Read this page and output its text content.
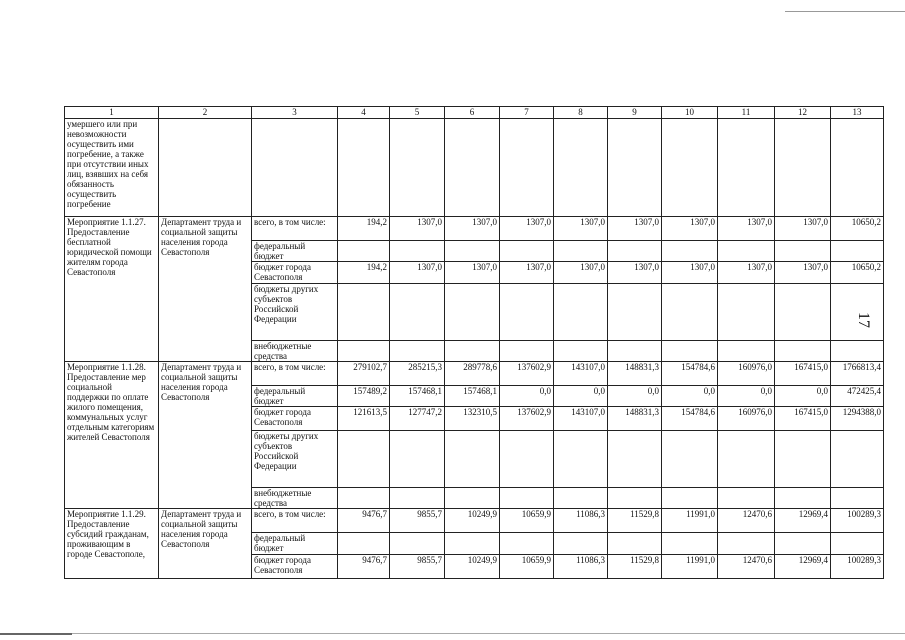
17
1	2	3	4	5	6	7	8	9	10	11	12	13
умершего или при невозможности осуществить ими погребение, а также при отсутствии иных лиц, взявших на себя обязанность осуществить погребение												
Мероприятие 1.1.27. Предоставление бесплатной юридической помощи жителям города Севастополя	Департамент труда и социальной защиты населения города Севастополя	всего, в том числе:	194,2	1307,0	1307,0	1307,0	1307,0	1307,0	1307,0	1307,0	1307,0	10650,2
		федеральный бюджет										
		бюджет города Севастополя	194,2	1307,0	1307,0	1307,0	1307,0	1307,0	1307,0	1307,0	1307,0	10650,2
		бюджеты других субъектов Российской Федерации										
		внебюджетные средства										
Мероприятие 1.1.28. Предоставление мер социальной поддержки по оплате жилого помещения, коммунальных услуг отдельным категориям жителей Севастополя	Департамент труда и социальной защиты населения города Севастополя	всего, в том числе:	279102,7	285215,3	289778,6	137602,9	143107,0	148831,3	154784,6	160976,0	167415,0	1766813,4
		федеральный бюджет	157489,2	157468,1	157468,1	0,0	0,0	0,0	0,0	0,0	0,0	472425,4
		бюджет города Севастополя	121613,5	127747,2	132310,5	137602,9	143107,0	148831,3	154784,6	160976,0	167415,0	1294388,0
		бюджеты других субъектов Российской Федерации										
		внебюджетные средства										
Мероприятие 1.1.29. Предоставление субсидий гражданам, проживающим в городе Севастополе,	Департамент труда и социальной защиты населения города Севастополя	всего, в том числе:	9476,7	9855,7	10249,9	10659,9	11086,3	11529,8	11991,0	12470,6	12969,4	100289,3
		федеральный бюджет										
		бюджет города Севастополя	9476,7	9855,7	10249,9	10659,9	11086,3	11529,8	11991,0	12470,6	12969,4	100289,3
